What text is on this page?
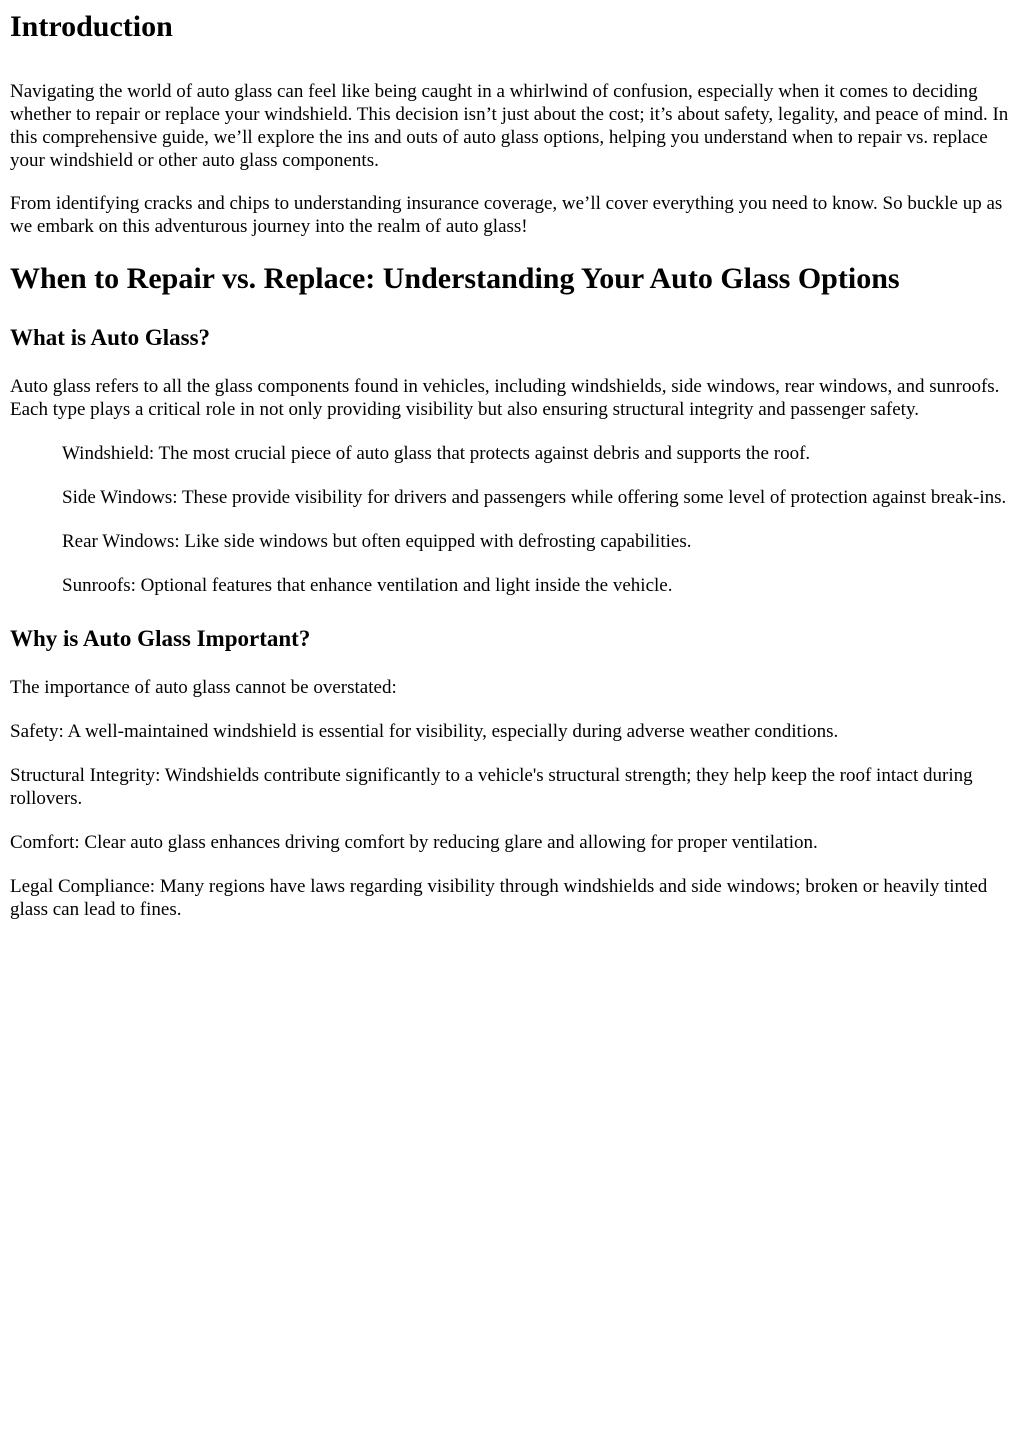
Introduction

Navigating the world of auto glass can feel like being caught in a whirlwind of confusion, especially when it comes to deciding whether to repair or replace your windshield. This decision isn’t just about the cost; it’s about safety, legality, and peace of mind. In this comprehensive guide, we’ll explore the ins and outs of auto glass options, helping you understand when to repair vs. replace your windshield or other auto glass components.

From identifying cracks and chips to understanding insurance coverage, we’ll cover everything you need to know. So buckle up as we embark on this adventurous journey into the realm of auto glass!

When to Repair vs. Replace: Understanding Your Auto Glass Options
What is Auto Glass?

Auto glass refers to all the glass components found in vehicles, including windshields, side windows, rear windows, and sunroofs. Each type plays a critical role in not only providing visibility but also ensuring structural integrity and passenger safety.

Windshield: The most crucial piece of auto glass that protects against debris and supports the roof.
Side Windows: These provide visibility for drivers and passengers while offering some level of protection against break-ins.
Rear Windows: Like side windows but often equipped with defrosting capabilities.
Sunroofs: Optional features that enhance ventilation and light inside the vehicle.
Why is Auto Glass Important?

The importance of auto glass cannot be overstated:

Safety: A well-maintained windshield is essential for visibility, especially during adverse weather conditions.

Structural Integrity: Windshields contribute significantly to a vehicle's structural strength; they help keep the roof intact during rollovers.

Comfort: Clear auto glass enhances driving comfort by reducing glare and allowing for proper ventilation.

Legal Compliance: Many regions have laws regarding visibility through windshields and side windows; broken or heavily tinted glass can lead to fines.
